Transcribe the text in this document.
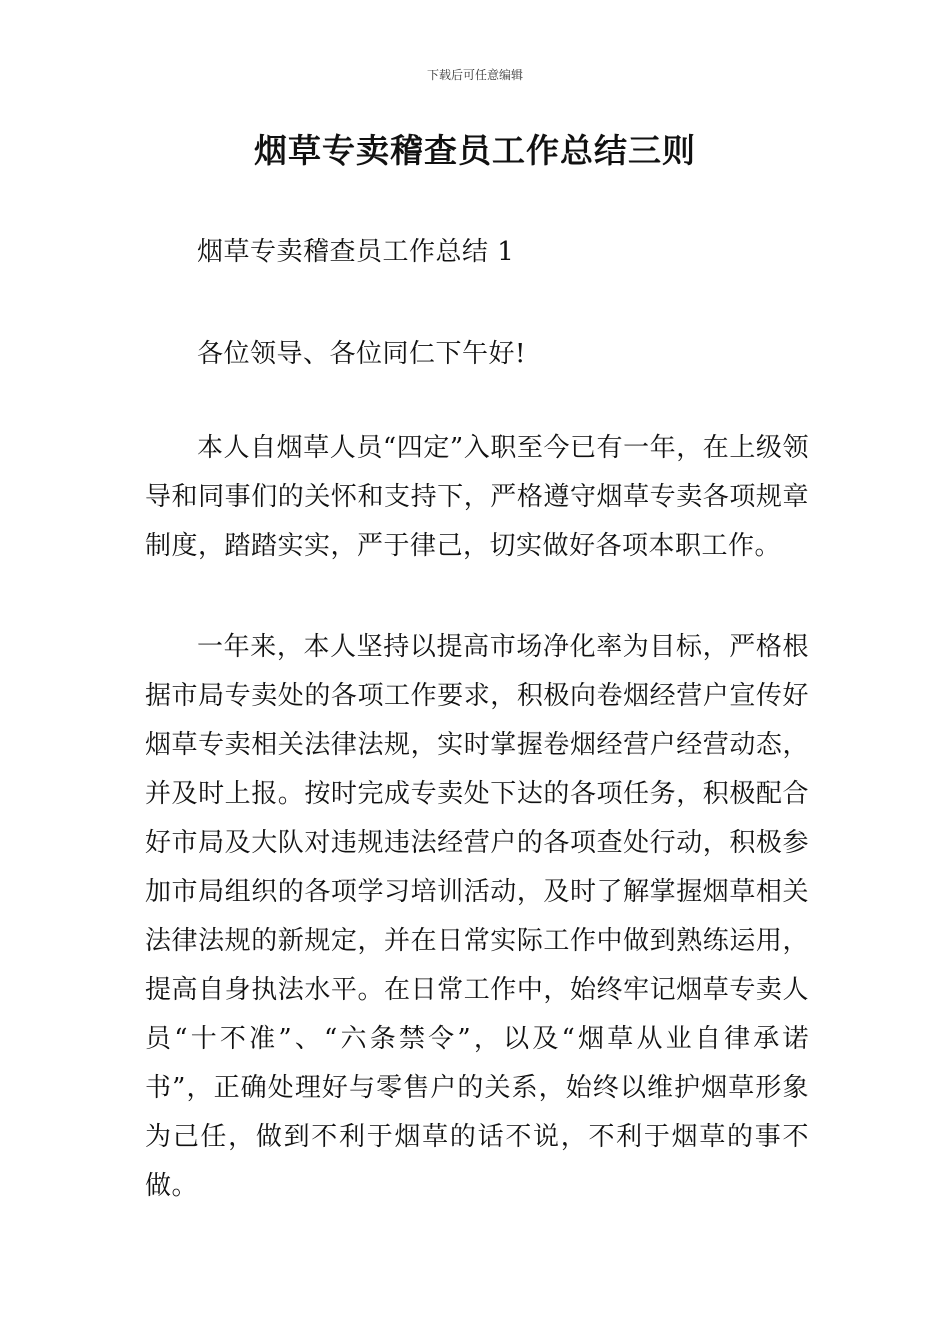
下载后可任意编辑
烟草专卖稽查员工作总结三则

烟草专卖稽查员工作总结 1

各位领导、各位同仁下午好!

本人自烟草人员“四定”入职至今已有一年，在上级领导和同事们的关怀和支持下，严格遵守烟草专卖各项规章制度，踏踏实实，严于律己，切实做好各项本职工作。

一年来，本人坚持以提高市场净化率为目标，严格根据市局专卖处的各项工作要求，积极向卷烟经营户宣传好烟草专卖相关法律法规，实时掌握卷烟经营户经营动态，并及时上报。按时完成专卖处下达的各项任务，积极配合好市局及大队对违规违法经营户的各项查处行动，积极参加市局组织的各项学习培训活动，及时了解掌握烟草相关法律法规的新规定，并在日常实际工作中做到熟练运用，提高自身执法水平。在日常工作中，始终牢记烟草专卖人员“十不准”、“六条禁令”，以及“烟草从业自律承诺书”，正确处理好与零售户的关系，始终以维护烟草形象为己任，做到不利于烟草的话不说，不利于烟草的事不做。
